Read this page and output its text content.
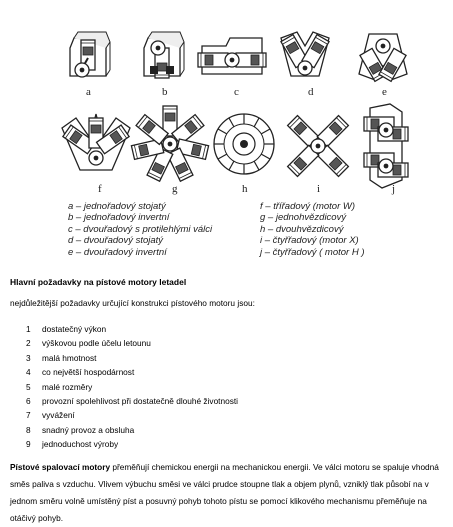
a	b	c	d	e
f	g	h	i	j
a – jednořadový stojatý
b – jednořadový invertní
c – dvouřadový s protilehlými válci
d – dvouřadový stojatý
e – dvouřadový invertní
f – třířadový (motor W)
g – jednohvězdicový
h – dvouhvězdicový
i – čtyřřadový (motor X)
j – čtyřřadový ( motor H )
Hlavní požadavky na pístové motory letadel
nejdůležitější požadavky určující konstrukci pístového motoru jsou:
1	dostatečný výkon
2	výškovou podle účelu letounu
3	malá hmotnost
4	co největší hospodárnost
5	malé rozměry
6	provozní spolehlivost při dostatečně dlouhé životnosti
7	vyvážení
8	snadný provoz a obsluha
9	jednoduchost výroby
Pístové spalovací motory přeměňují chemickou energii na mechanickou energii. Ve válci motoru se spaluje vhodná směs paliva s vzduchu. Vlivem výbuchu směsi ve válci prudce stoupne tlak a objem plynů, vzniklý tlak působí na v jednom směru volně umístěný píst a posuvný pohyb tohoto pístu se pomocí klikového mechanismu přeměňuje na otáčivý pohyb.
